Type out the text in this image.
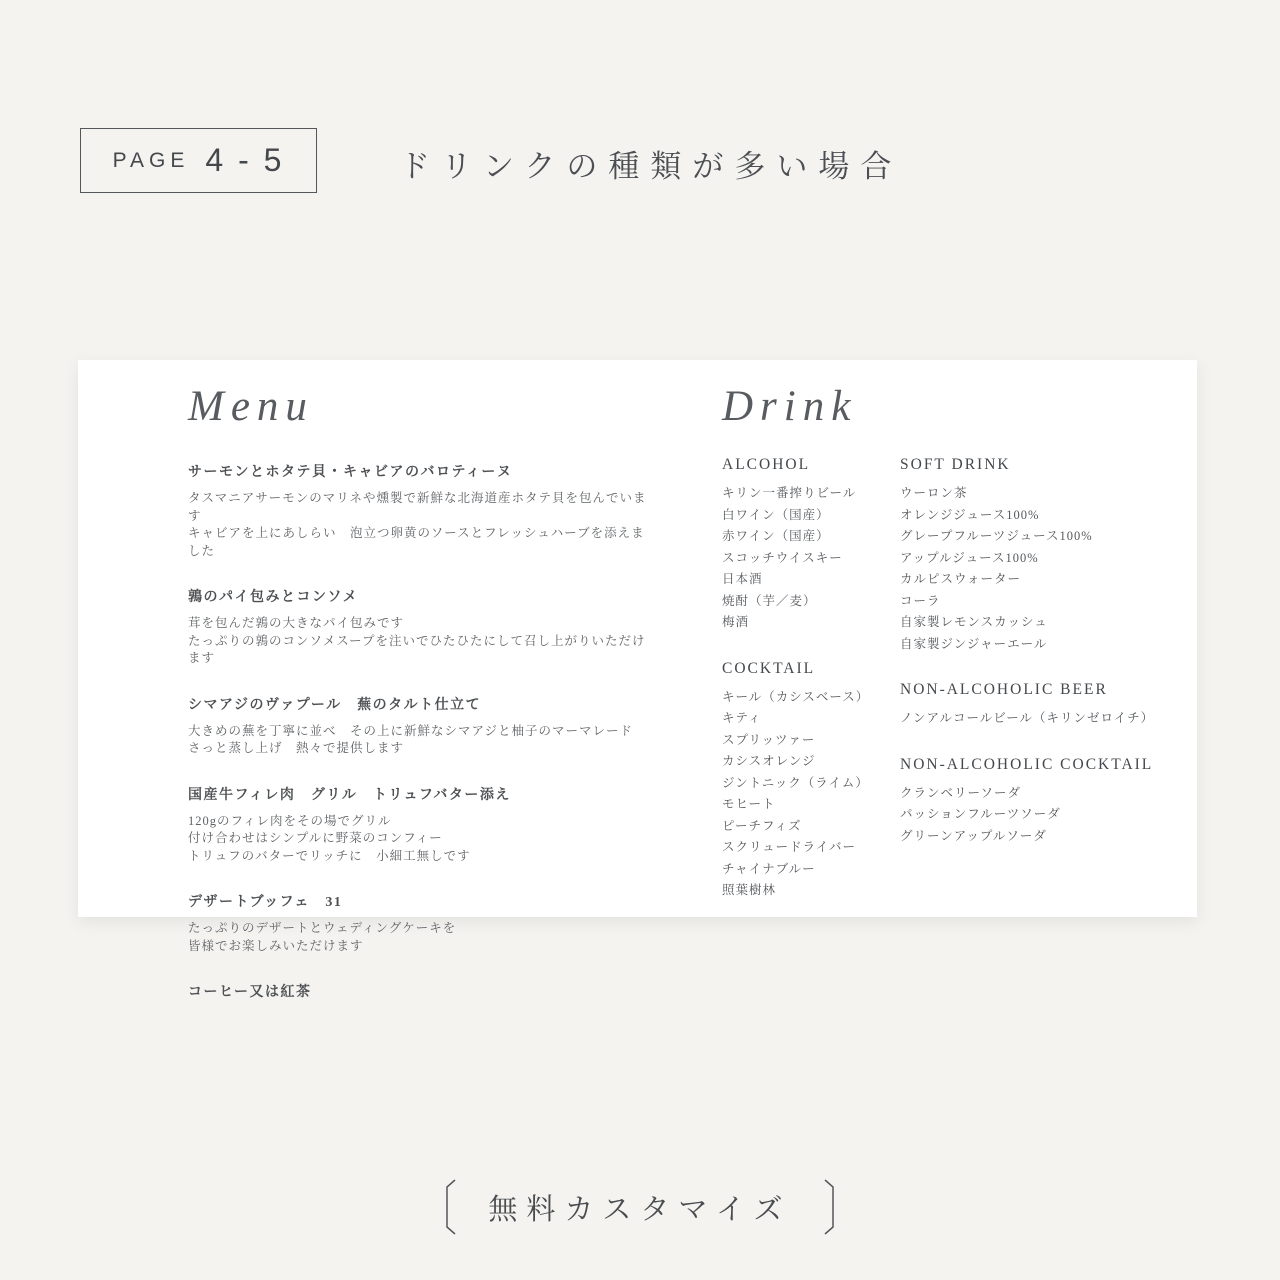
PAGE 4 - 5	ドリンクの種類が多い場合
Menu
サーモンとホタテ貝・キャビアのバロティーヌ
タスマニアサーモンのマリネや燻製で新鮮な北海道産ホタテ貝を包んでいます
キャビアを上にあしらい　泡立つ卵黄のソースとフレッシュハーブを添えました
鶉のパイ包みとコンソメ
茸を包んだ鶉の大きなパイ包みです
たっぷりの鶉のコンソメスープを注いでひたひたにして召し上がりいただけます
シマアジのヴァプール　蕪のタルト仕立て
大きめの蕪を丁寧に並べ　その上に新鮮なシマアジと柚子のマーマレード
さっと蒸し上げ　熱々で提供します
国産牛フィレ肉　グリル　トリュフバター添え
120gのフィレ肉をその場でグリル
付け合わせはシンプルに野菜のコンフィー
トリュフのバターでリッチに　小細工無しです
デザートブッフェ　31
たっぷりのデザートとウェディングケーキを
皆様でお楽しみいただけます
コーヒー又は紅茶
Drink
ALCOHOL
キリン一番搾りビール
白ワイン（国産）
赤ワイン（国産）
スコッチウイスキー
日本酒
焼酎（芋／麦）
梅酒
COCKTAIL
キール（カシスベース）
キティ
スプリッツァー
カシスオレンジ
ジントニック（ライム）
モヒート
ピーチフィズ
スクリュードライバー
チャイナブルー
照葉樹林
SOFT DRINK
ウーロン茶
オレンジジュース100%
グレープフルーツジュース100%
アップルジュース100%
カルピスウォーター
コーラ
自家製レモンスカッシュ
自家製ジンジャーエール
NON-ALCOHOLIC BEER
ノンアルコールビール（キリンゼロイチ）
NON-ALCOHOLIC COCKTAIL
クランベリーソーダ
パッションフルーツソーダ
グリーンアップルソーダ
無料カスタマイズ
